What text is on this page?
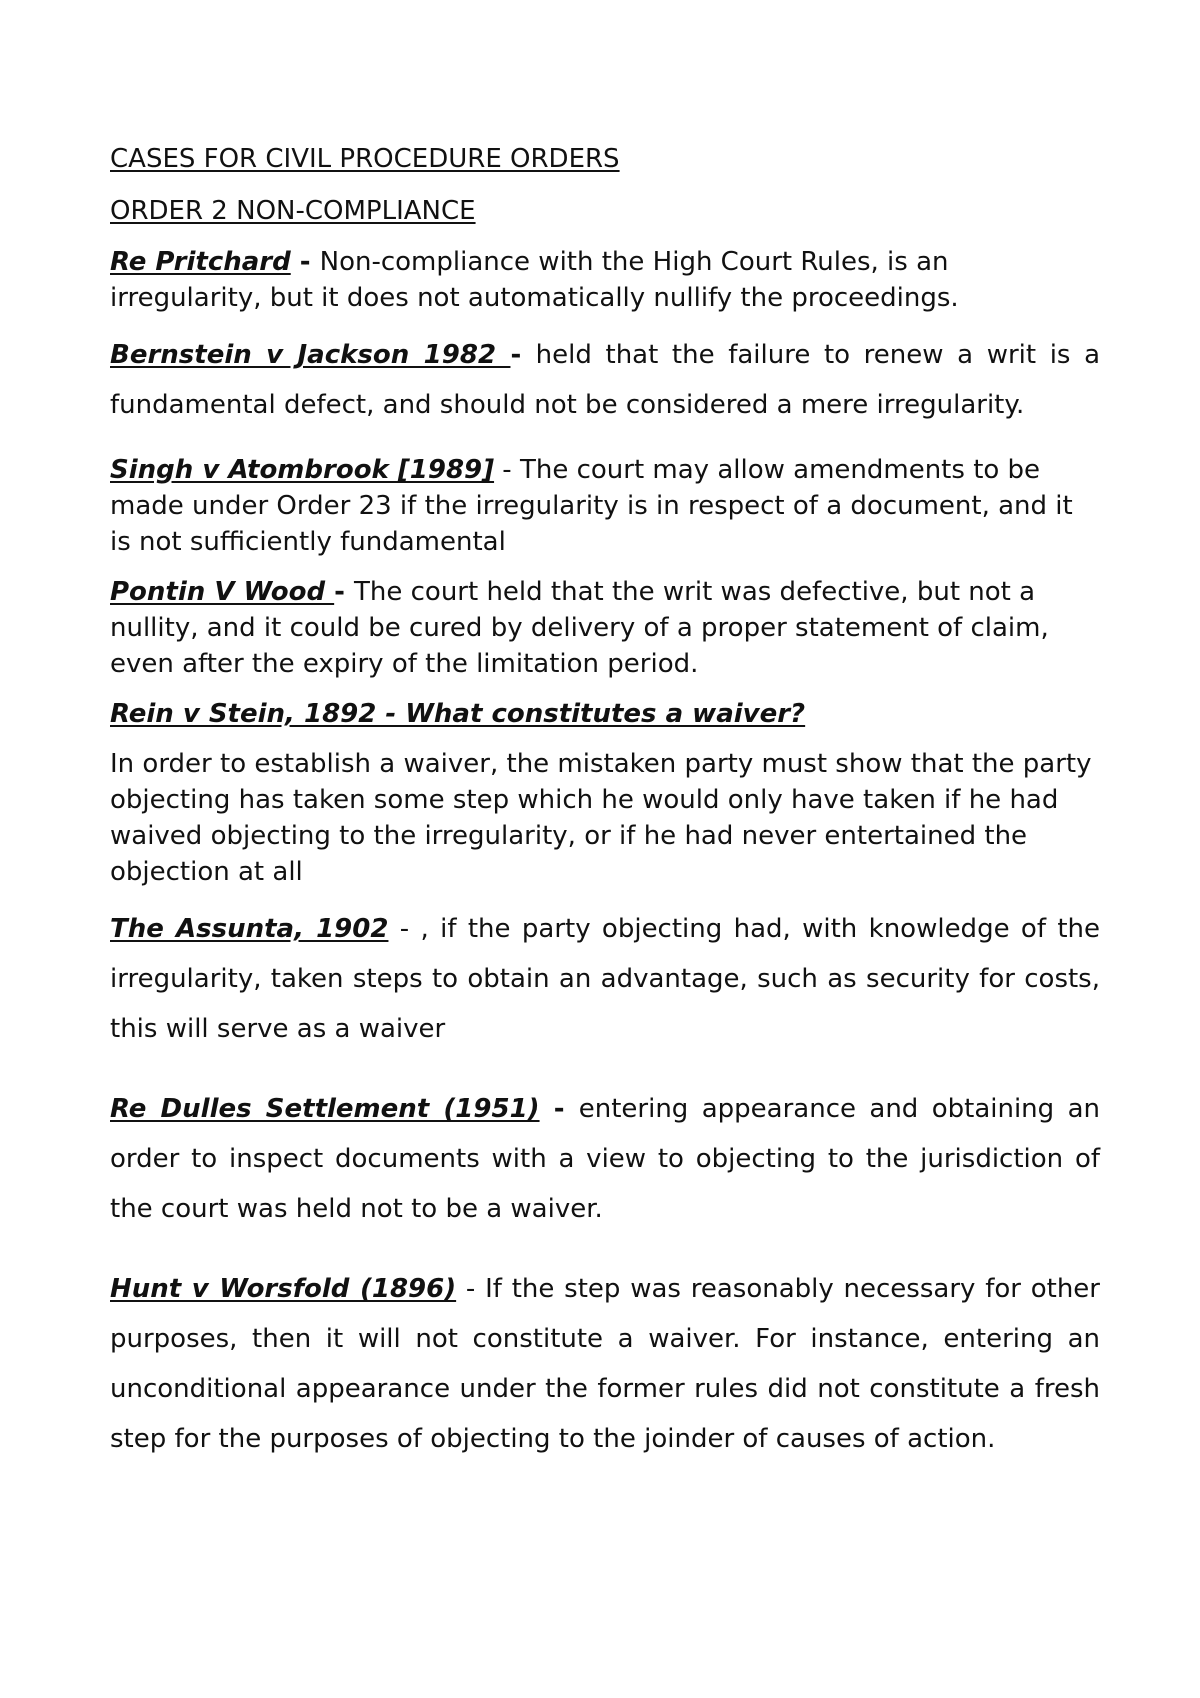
CASES FOR CIVIL PROCEDURE ORDERS
ORDER 2 NON-COMPLIANCE

Re Pritchard - Non-compliance with the High Court Rules, is an irregularity, but it does not automatically nullify the proceedings.

Bernstein v Jackson 1982 - held that the failure to renew a writ is a fundamental defect, and should not be considered a mere irregularity.

Singh v Atombrook [1989] - The court may allow amendments to be made under Order 23 if the irregularity is in respect of a document, and it is not sufficiently fundamental

Pontin V Wood - The court held that the writ was defective, but not a nullity, and it could be cured by delivery of a proper statement of claim, even after the expiry of the limitation period.

Rein v Stein, 1892 - What constitutes a waiver?

In order to establish a waiver, the mistaken party must show that the party objecting has taken some step which he would only have taken if he had waived objecting to the irregularity, or if he had never entertained the objection at all

The Assunta, 1902 - , if the party objecting had, with knowledge of the irregularity, taken steps to obtain an advantage, such as security for costs, this will serve as a waiver

Re Dulles Settlement (1951) - entering appearance and obtaining an order to inspect documents with a view to objecting to the jurisdiction of the court was held not to be a waiver.

Hunt v Worsfold (1896) - If the step was reasonably necessary for other purposes, then it will not constitute a waiver. For instance, entering an unconditional appearance under the former rules did not constitute a fresh step for the purposes of objecting to the joinder of causes of action.
